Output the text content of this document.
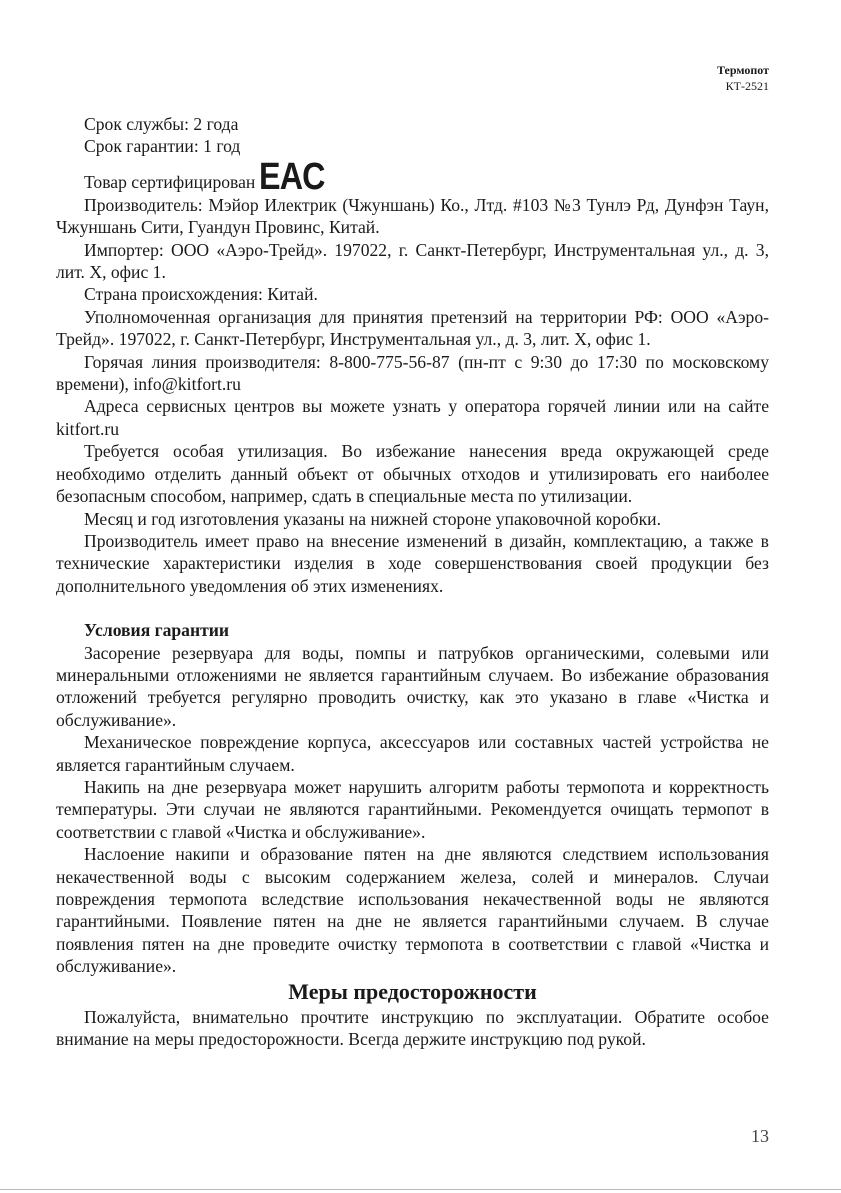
Термопот
КТ-2521

Срок службы: 2 года

Срок гарантии: 1 год

Товар сертифицирован EAC

Производитель: Мэйор Илектрик (Чжуншань) Ко., Лтд. #103 №3 Тунлэ Рд, Дунфэн Таун, Чжуншань Сити, Гуандун Провинс, Китай.

Импортер: ООО «Аэро-Трейд». 197022, г. Санкт-Петербург, Инструментальная ул., д. 3, лит. Х, офис 1.

Страна происхождения: Китай.

Уполномоченная организация для принятия претензий на территории РФ: ООО «Аэро-Трейд». 197022, г. Санкт-Петербург, Инструментальная ул., д. 3, лит. Х, офис 1.

Горячая линия производителя: 8-800-775-56-87 (пн-пт с 9:30 до 17:30 по московскому времени), info@kitfort.ru

Адреса сервисных центров вы можете узнать у оператора горячей линии или на сайте kitfort.ru

Требуется особая утилизация. Во избежание нанесения вреда окружающей среде необходимо отделить данный объект от обычных отходов и утилизировать его наиболее безопасным способом, например, сдать в специальные места по утилизации.

Месяц и год изготовления указаны на нижней стороне упаковочной коробки.

Производитель имеет право на внесение изменений в дизайн, комплектацию, а также в технические характеристики изделия в ходе совершенствования своей продукции без дополнительного уведомления об этих изменениях.

Условия гарантии

Засорение резервуара для воды, помпы и патрубков органическими, солевыми или минеральными отложениями не является гарантийным случаем. Во избежание образования отложений требуется регулярно проводить очистку, как это указано в главе «Чистка и обслуживание».

Механическое повреждение корпуса, аксессуаров или составных частей устройства не является гарантийным случаем.

Накипь на дне резервуара может нарушить алгоритм работы термопота и корректность температуры. Эти случаи не являются гарантийными. Рекомендуется очищать термопот в соответствии с главой «Чистка и обслуживание».

Наслоение накипи и образование пятен на дне являются следствием использования некачественной воды с высоким содержанием железа, солей и минералов. Случаи повреждения термопота вследствие использования некачественной воды не являются гарантийными. Появление пятен на дне не является гарантийными случаем. В случае появления пятен на дне проведите очистку термопота в соответствии с главой «Чистка и обслуживание».

Меры предосторожности

Пожалуйста, внимательно прочтите инструкцию по эксплуатации. Обратите особое внимание на меры предосторожности. Всегда держите инструкцию под рукой.

13
